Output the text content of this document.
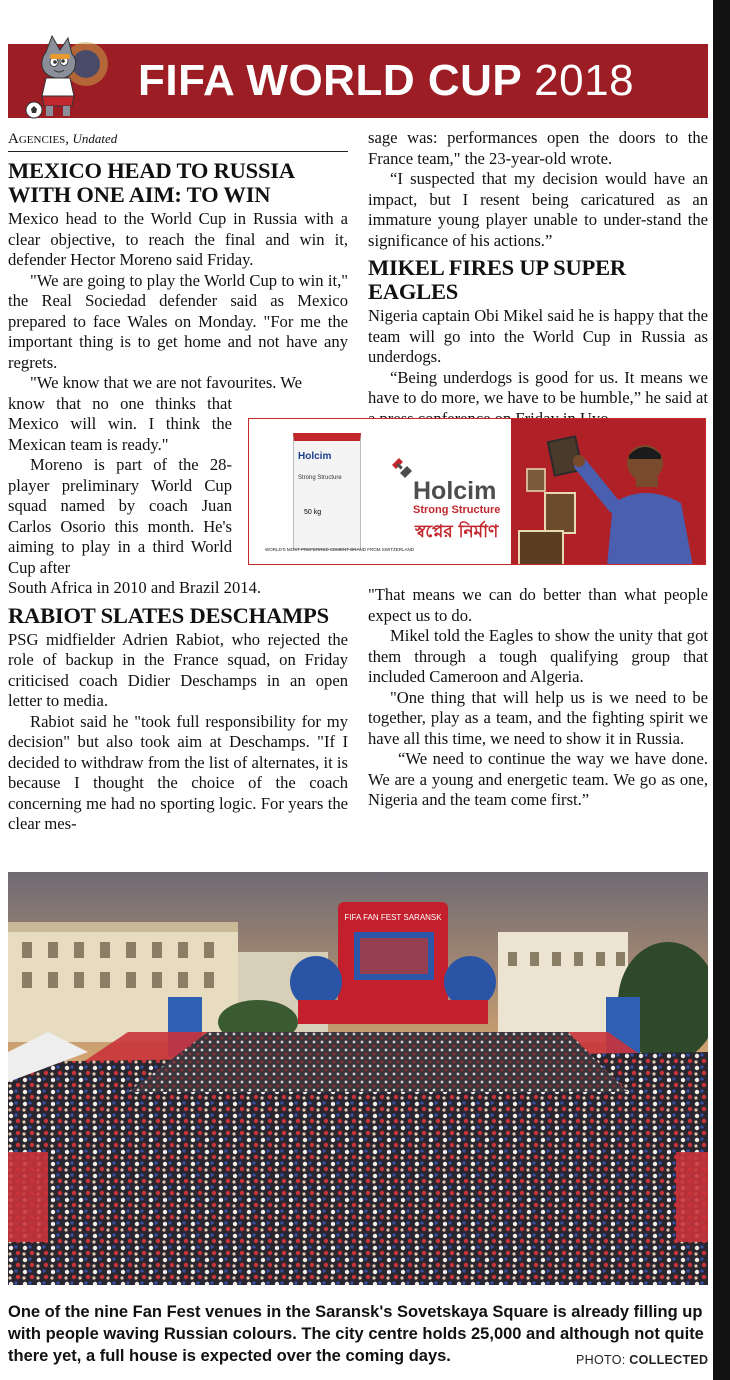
FIFA WORLD CUP 2018
Agencies, Undated
MEXICO HEAD TO RUSSIA WITH ONE AIM: TO WIN

Mexico head to the World Cup in Russia with a clear objective, to reach the final and win it, defender Hector Moreno said Friday.

"We are going to play the World Cup to win it," the Real Sociedad defender said as Mexico prepared to face Wales on Monday. "For me the important thing is to get home and not have any regrets.

"We know that we are not favourites. We

know that no one thinks that Mexico will win. I think the Mexican team is ready."

Moreno is part of the 28-player preliminary World Cup squad named by coach Juan Carlos Osorio this month. He's aiming to play in a third World Cup after

South Africa in 2010 and Brazil 2014.

RABIOT SLATES DESCHAMPS

PSG midfielder Adrien Rabiot, who rejected the role of backup in the France squad, on Friday criticised coach Didier Deschamps in an open letter to media.

Rabiot said he "took full responsibility for my decision" but also took aim at Deschamps. "If I decided to withdraw from the list of alternates, it is because I thought the choice of the coach concerning me had no sporting logic. For years the clear mes-

sage was: performances open the doors to the France team," the 23-year-old wrote.

“I suspected that my decision would have an impact, but I resent being caricatured as an immature young player unable to under-stand the significance of his actions.”

MIKEL FIRES UP SUPER EAGLES

Nigeria captain Obi Mikel said he is happy that the team will go into the World Cup in Russia as underdogs.

“Being underdogs is good for us. It means we have to do more, we have to be humble,” he said at

Holcim
Strong Structure
50 kg
Holcim
Strong Structure
স্বপ্নের নির্মাণ
WORLD'S MOST PREFERRED CEMENT BRAND FROM SWITZERLAND

"That means we can do better than what people expect us to do.

Mikel told the Eagles to show the unity that got them through a tough qualifying group that included Cameroon and Algeria.

"One thing that will help us is we need to be together, play as a team, and the fighting spirit we have all this time, we need to show it in Russia.

“We need to continue the way we have done. We are a young and energetic team. We go as one, Nigeria and the team come first.”

FIFA FAN FEST SARANSK
One of the nine Fan Fest venues in the Saransk's Sovetskaya Square is already filling up with people waving Russian colours. The city centre holds 25,000 and although not quite there yet, a full house is expected over the coming days.	PHOTO: COLLECTED
